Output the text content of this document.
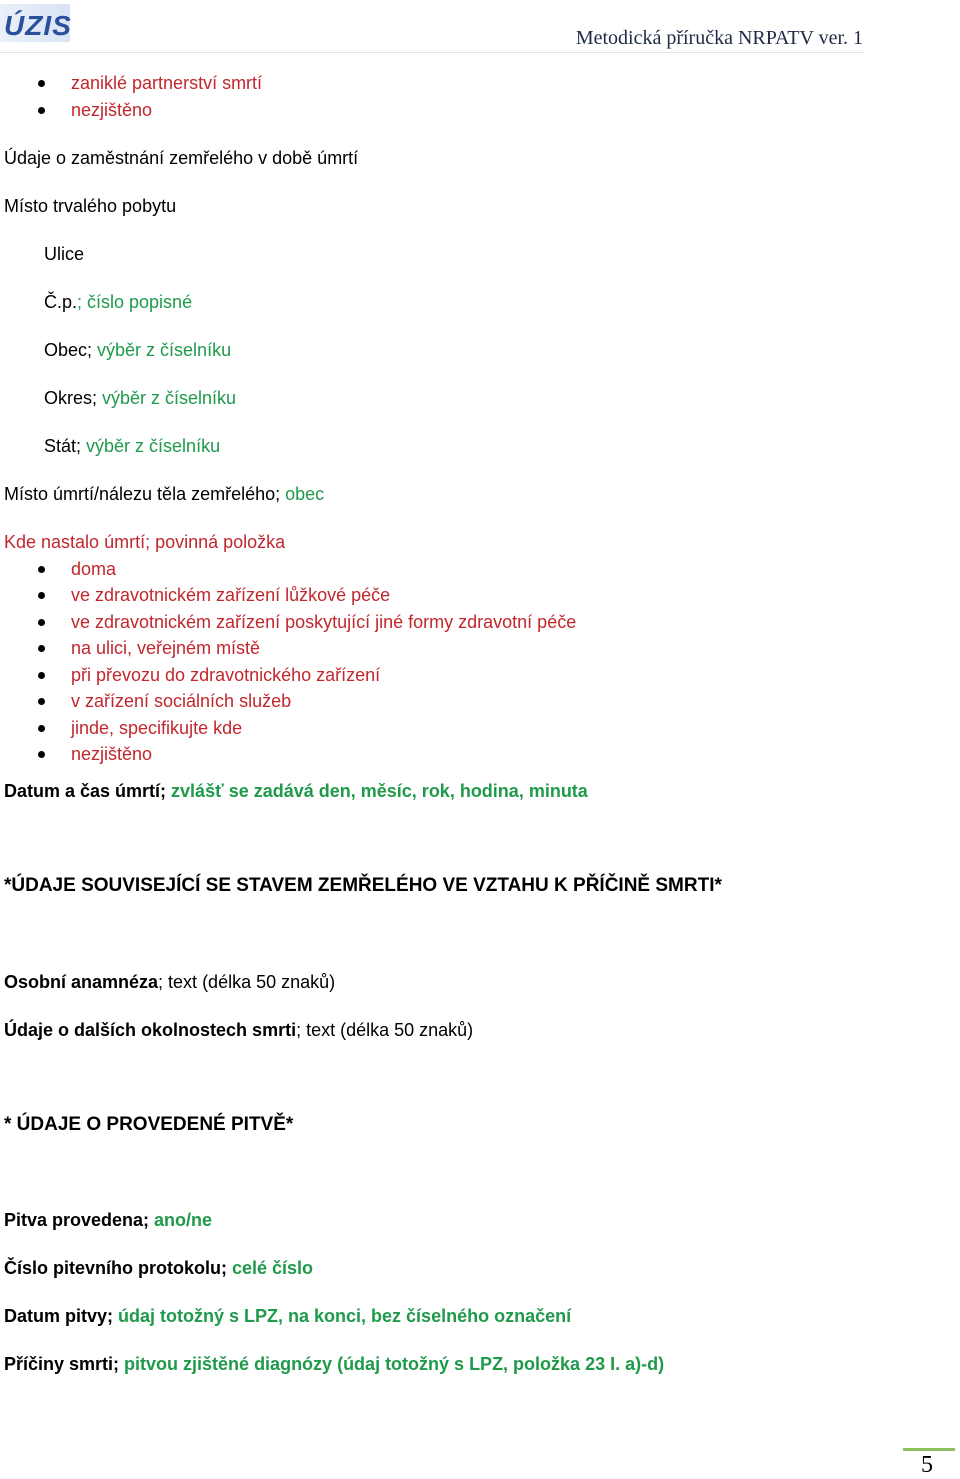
ÚZIS	Metodická příručka NRPATV ver. 1
zaniklé partnerství smrtí
nezjištěno
Údaje o zaměstnání zemřelého v době úmrtí
Místo trvalého pobytu
Ulice
Č.p.; číslo popisné
Obec; výběr z číselníku
Okres; výběr z číselníku
Stát; výběr z číselníku
Místo úmrtí/nálezu těla zemřelého; obec
Kde nastalo úmrtí; povinná položka
doma
ve zdravotnickém zařízení lůžkové péče
ve zdravotnickém zařízení poskytující jiné formy zdravotní péče
na ulici, veřejném místě
při převozu do zdravotnického zařízení
v zařízení sociálních služeb
jinde, specifikujte kde
nezjištěno
Datum a čas úmrtí; zvlášť se zadává den, měsíc, rok, hodina, minuta
*ÚDAJE SOUVISEJÍCÍ SE STAVEM ZEMŘELÉHO VE VZTAHU K PŘÍČINĚ SMRTI*
Osobní anamnéza; text (délka 50 znaků)
Údaje o dalších okolnostech smrti; text (délka 50 znaků)
* ÚDAJE O PROVEDENÉ PITVĚ*
Pitva provedena; ano/ne
Číslo pitevního protokolu; celé číslo
Datum pitvy; údaj totožný s LPZ, na konci, bez číselného označení
Příčiny smrti; pitvou zjištěné diagnózy (údaj totožný s LPZ, položka 23 I. a)-d)
5
